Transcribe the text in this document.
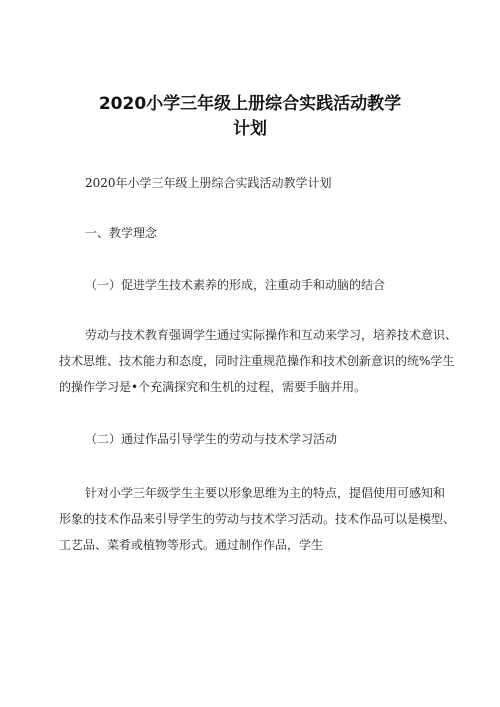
2020小学三年级上册综合实践活动教学
计划
2020年小学三年级上册综合实践活动教学计划
一、教学理念
（一）促进学生技术素养的形成，注重动手和动脑的结合
劳动与技术教育强调学生通过实际操作和互动来学习，培养技术意识、
技术思维、技术能力和态度，同时注重规范操作和技术创新意识的统%学生
的操作学习是•个充满探究和生机的过程，需要手脑并用。
（二）通过作品引导学生的劳动与技术学习活动
针对小学三年级学生主要以形象思维为主的特点，提倡使用可感知和
形象的技术作品来引导学生的劳动与技术学习活动。技术作品可以是模型、
工艺品、菜肴或植物等形式。通过制作作品，学生
